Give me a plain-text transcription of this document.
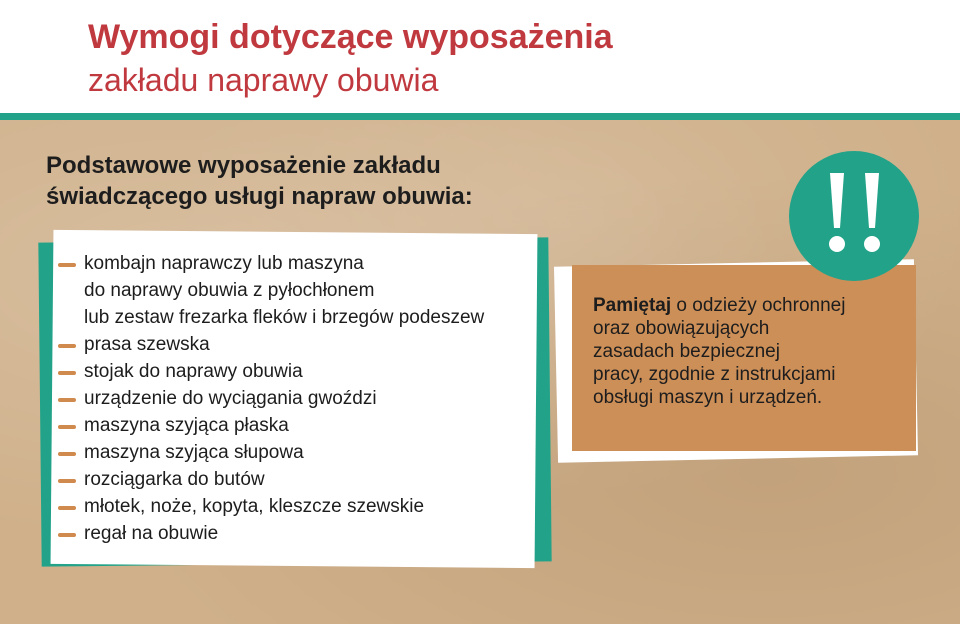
Wymogi dotyczące wyposażenia
zakładu naprawy obuwia
Podstawowe wyposażenie zakładu
świadczącego usługi napraw obuwia:
kombajn naprawczy lub maszyna
do naprawy obuwia z pyłochłonem
lub zestaw frezarka fleków i brzegów podeszew
prasa szewska
stojak do naprawy obuwia
urządzenie do wyciągania gwoździ
maszyna szyjąca płaska
maszyna szyjąca słupowa
rozciągarka do butów
młotek, noże, kopyta, kleszcze szewskie
regał na obuwie
Pamiętaj o odzieży ochronnej
oraz obowiązujących
zasadach bezpiecznej
pracy, zgodnie z instrukcjami
obsługi maszyn i urządzeń.
